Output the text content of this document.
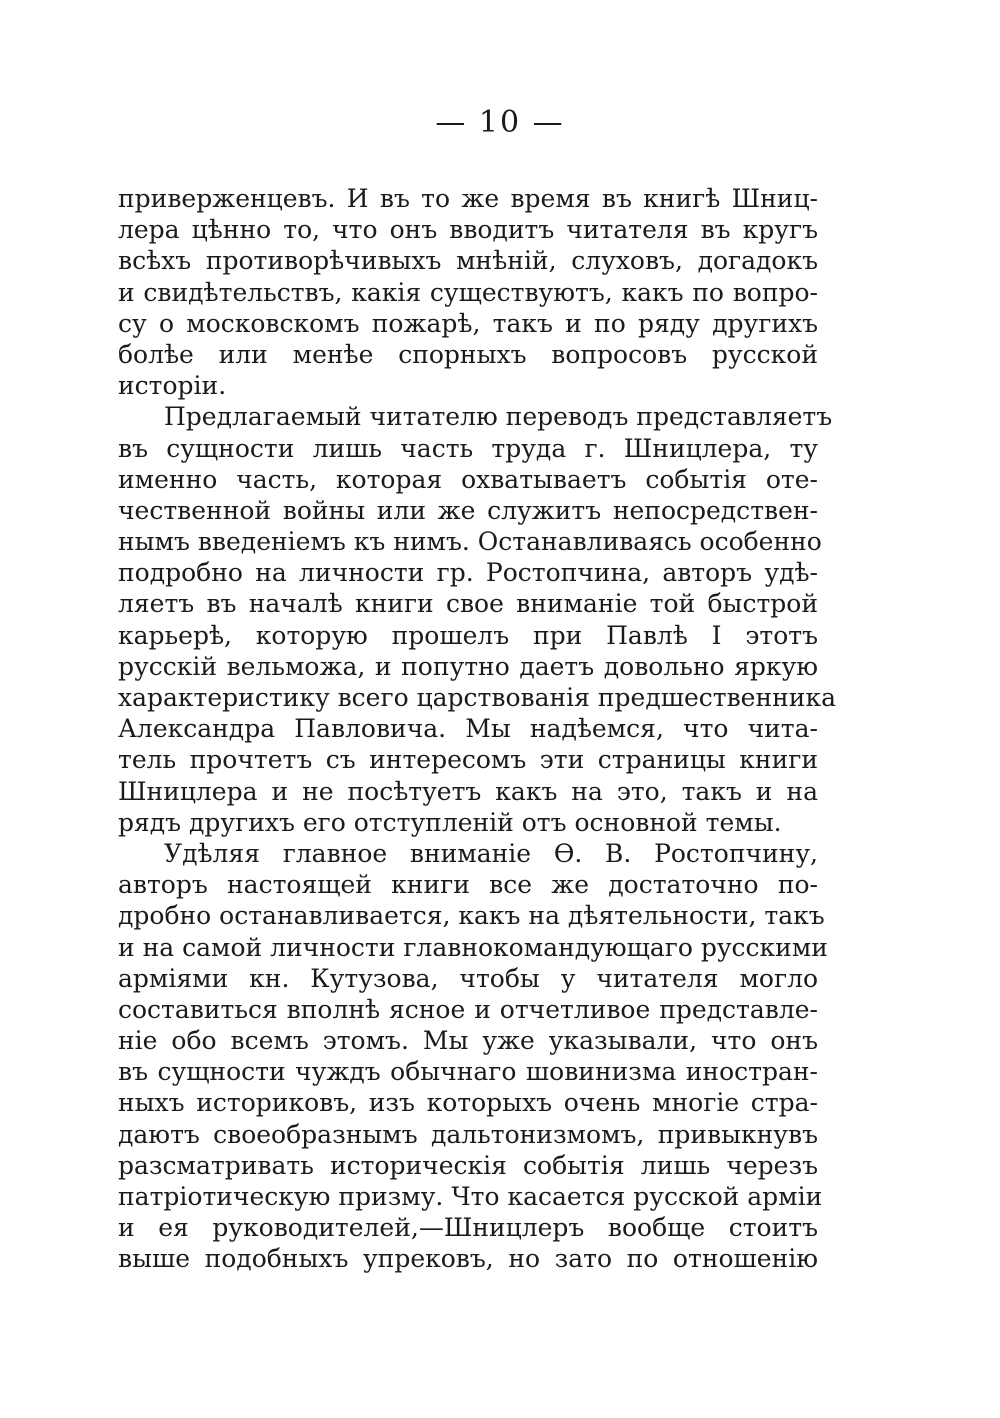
— 10 —
приверженцевъ. И въ то же время въ книгѣ Шниц-
лера цѣнно то, что онъ вводитъ читателя въ кругъ
всѣхъ противорѣчивыхъ мнѣній, слуховъ, догадокъ
и свидѣтельствъ, какія существуютъ, какъ по вопро-
су о московскомъ пожарѣ, такъ и по ряду другихъ
болѣе или менѣе спорныхъ вопросовъ русской
исторіи.
Предлагаемый читателю переводъ представляетъ
въ сущности лишь часть труда г. Шницлера, ту
именно часть, которая охватываетъ событія оте-
чественной войны или же служитъ непосредствен-
нымъ введеніемъ къ нимъ. Останавливаясь особенно
подробно на личности гр. Ростопчина, авторъ удѣ-
ляетъ въ началѣ книги свое вниманіе той быстрой
карьерѣ, которую прошелъ при Павлѣ I этотъ
русскій вельможа, и попутно даетъ довольно яркую
характеристику всего царствованія предшественника
Александра Павловича. Мы надѣемся, что чита-
тель прочтетъ съ интересомъ эти страницы книги
Шницлера и не посѣтуетъ какъ на это, такъ и на
рядъ другихъ его отступленій отъ основной темы.
Удѣляя главное вниманіе Ѳ. В. Ростопчину,
авторъ настоящей книги все же достаточно по-
дробно останавливается, какъ на дѣятельности, такъ
и на самой личности главнокомандующаго русскими
арміями кн. Кутузова, чтобы у читателя могло
составиться вполнѣ ясное и отчетливое представле-
ніе обо всемъ этомъ. Мы уже указывали, что онъ
въ сущности чуждъ обычнаго шовинизма иностран-
ныхъ историковъ, изъ которыхъ очень многіе стра-
даютъ своеобразнымъ дальтонизмомъ, привыкнувъ
разсматривать историческія событія лишь черезъ
патріотическую призму. Что касается русской арміи
и ея руководителей,—Шницлеръ вообще стоитъ
выше подобныхъ упрековъ, но зато по отношенію
